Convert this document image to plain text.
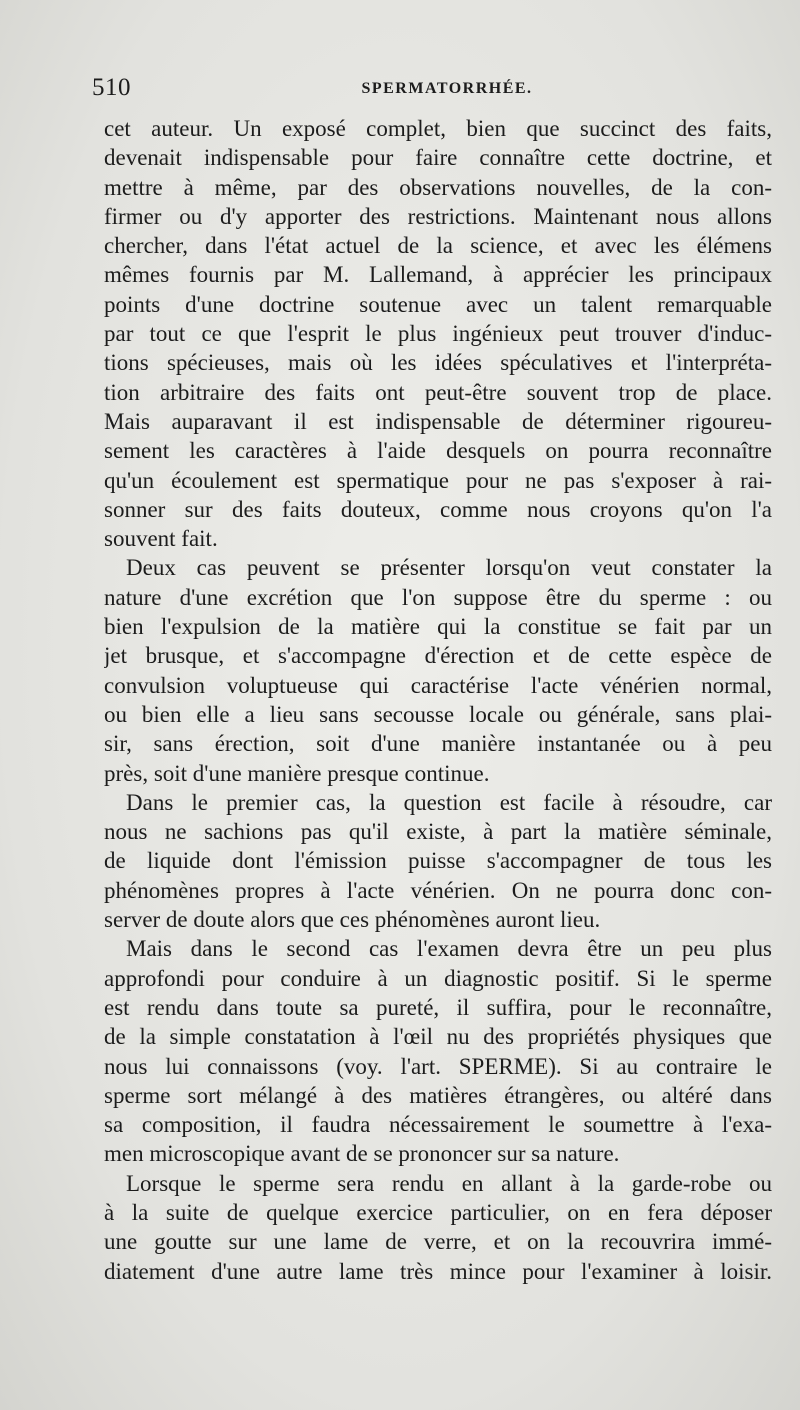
510	SPERMATORRHÉE.
cet auteur. Un exposé complet, bien que succinct des faits,
devenait indispensable pour faire connaître cette doctrine, et
mettre à même, par des observations nouvelles, de la con-
firmer ou d'y apporter des restrictions. Maintenant nous allons
chercher, dans l'état actuel de la science, et avec les élémens
mêmes fournis par M. Lallemand, à apprécier les principaux
points d'une doctrine soutenue avec un talent remarquable
par tout ce que l'esprit le plus ingénieux peut trouver d'induc-
tions spécieuses, mais où les idées spéculatives et l'interpréta-
tion arbitraire des faits ont peut-être souvent trop de place.
Mais auparavant il est indispensable de déterminer rigoureu-
sement les caractères à l'aide desquels on pourra reconnaître
qu'un écoulement est spermatique pour ne pas s'exposer à rai-
sonner sur des faits douteux, comme nous croyons qu'on l'a
souvent fait.
Deux cas peuvent se présenter lorsqu'on veut constater la
nature d'une excrétion que l'on suppose être du sperme : ou
bien l'expulsion de la matière qui la constitue se fait par un
jet brusque, et s'accompagne d'érection et de cette espèce de
convulsion voluptueuse qui caractérise l'acte vénérien normal,
ou bien elle a lieu sans secousse locale ou générale, sans plai-
sir, sans érection, soit d'une manière instantanée ou à peu
près, soit d'une manière presque continue.
Dans le premier cas, la question est facile à résoudre, car
nous ne sachions pas qu'il existe, à part la matière séminale,
de liquide dont l'émission puisse s'accompagner de tous les
phénomènes propres à l'acte vénérien. On ne pourra donc con-
server de doute alors que ces phénomènes auront lieu.
Mais dans le second cas l'examen devra être un peu plus
approfondi pour conduire à un diagnostic positif. Si le sperme
est rendu dans toute sa pureté, il suffira, pour le reconnaître,
de la simple constatation à l'œil nu des propriétés physiques que
nous lui connaissons (voy. l'art. SPERME). Si au contraire le
sperme sort mélangé à des matières étrangères, ou altéré dans
sa composition, il faudra nécessairement le soumettre à l'exa-
men microscopique avant de se prononcer sur sa nature.
Lorsque le sperme sera rendu en allant à la garde-robe ou
à la suite de quelque exercice particulier, on en fera déposer
une goutte sur une lame de verre, et on la recouvrira immé-
diatement d'une autre lame très mince pour l'examiner à loisir.
